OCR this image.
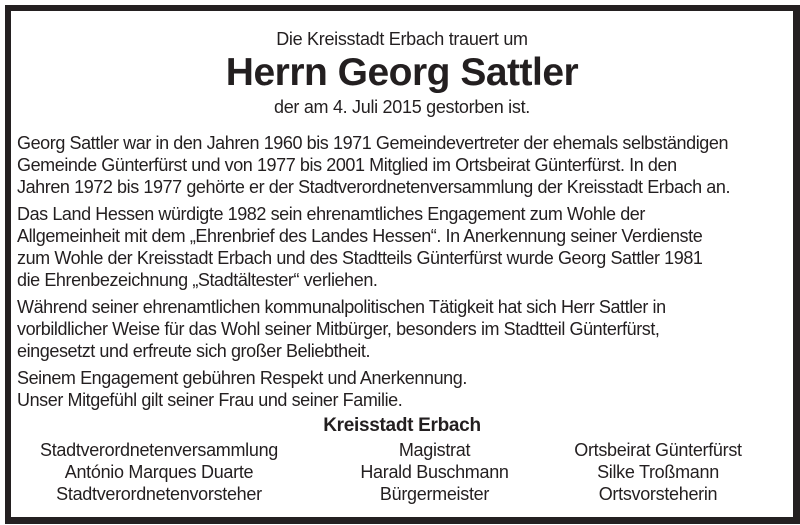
Die Kreisstadt Erbach trauert um
Herrn Georg Sattler
der am 4. Juli 2015 gestorben ist.

Georg Sattler war in den Jahren 1960 bis 1971 Gemeindevertreter der ehemals selbständigen
Gemeinde Günterfürst und von 1977 bis 2001 Mitglied im Ortsbeirat Günterfürst. In den
Jahren 1972 bis 1977 gehörte er der Stadtverordnetenversammlung der Kreisstadt Erbach an.

Das Land Hessen würdigte 1982 sein ehrenamtliches Engagement zum Wohle der
Allgemeinheit mit dem „Ehrenbrief des Landes Hessen“. In Anerkennung seiner Verdienste
zum Wohle der Kreisstadt Erbach und des Stadtteils Günterfürst wurde Georg Sattler 1981
die Ehrenbezeichnung „Stadtältester“ verliehen.

Während seiner ehrenamtlichen kommunalpolitischen Tätigkeit hat sich Herr Sattler in
vorbildlicher Weise für das Wohl seiner Mitbürger, besonders im Stadtteil Günterfürst,
eingesetzt und erfreute sich großer Beliebtheit.

Seinem Engagement gebühren Respekt und Anerkennung.
Unser Mitgefühl gilt seiner Frau und seiner Familie.

Kreisstadt Erbach
Stadtverordnetenversammlung
António Marques Duarte
Stadtverordnetenvorsteher
Magistrat
Harald Buschmann
Bürgermeister
Ortsbeirat Günterfürst
Silke Troßmann
Ortsvorsteherin
